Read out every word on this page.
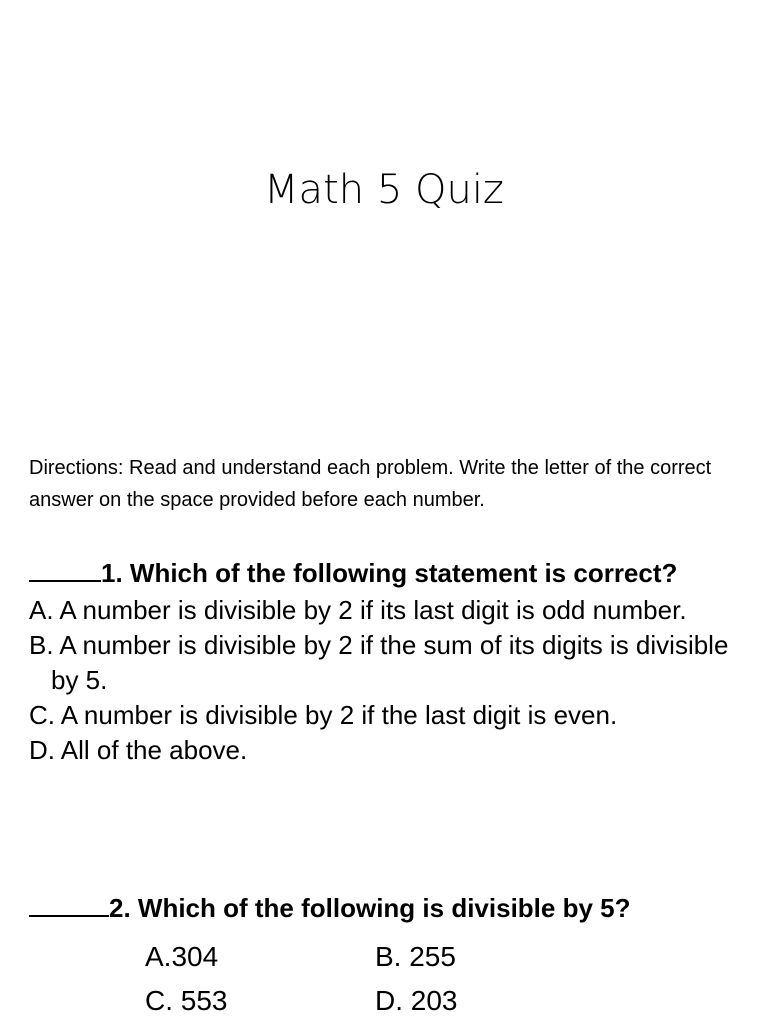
Math 5 Quiz
Directions: Read and understand each problem. Write the letter of the correct answer on the space provided before each number.
1. Which of the following statement is correct?
A. A number is divisible by 2 if its last digit is odd number.
B. A number is divisible by 2 if the sum of its digits is divisible by 5.
C. A number is divisible by 2 if the last digit is even.
D. All of the above.
2. Which of the following is divisible by 5?
A.304	B. 255
C. 553	D. 203
